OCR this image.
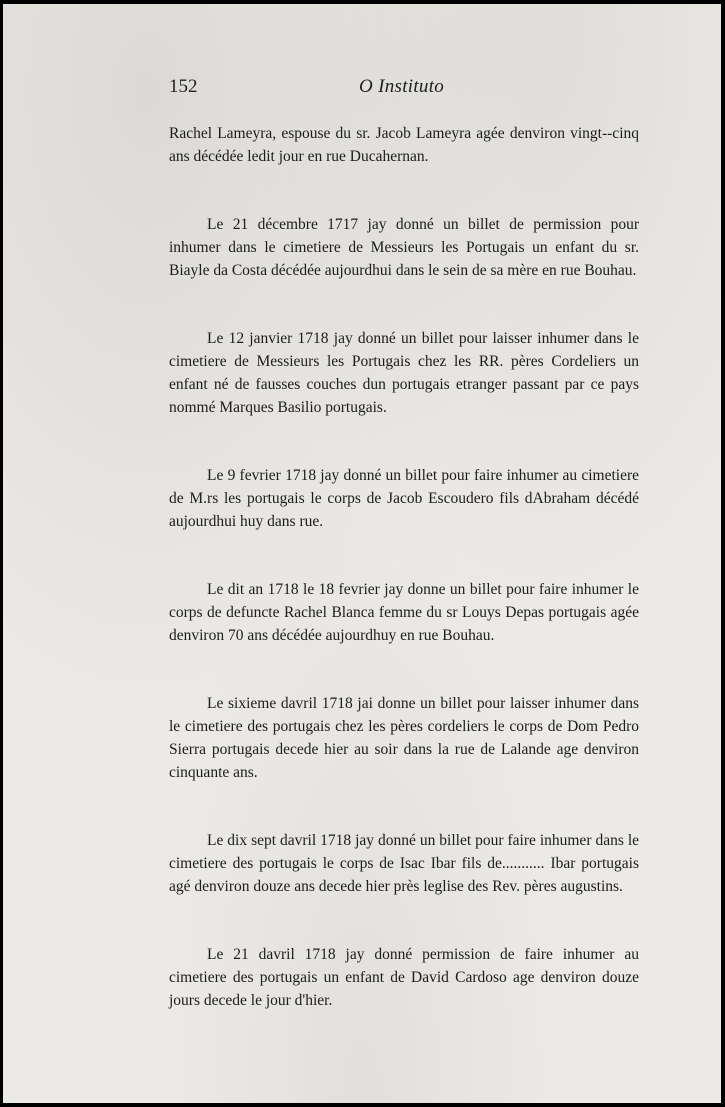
152	O Instituto

Rachel Lameyra, espouse du sr. Jacob Lameyra agée denviron vingt--cinq ans décédée ledit jour en rue Ducahernan.

Le 21 décembre 1717 jay donné un billet de permission pour inhumer dans le cimetiere de Messieurs les Portugais un enfant du sr. Biayle da Costa décédée aujourdhui dans le sein de sa mère en rue Bouhau.

Le 12 janvier 1718 jay donné un billet pour laisser inhumer dans le cimetiere de Messieurs les Portugais chez les RR. pères Cordeliers un enfant né de fausses couches dun portugais etranger passant par ce pays nommé Marques Basilio portugais.

Le 9 fevrier 1718 jay donné un billet pour faire inhumer au cimetiere de M.rs les portugais le corps de Jacob Escoudero fils dAbraham décédé aujourdhui huy dans rue.

Le dit an 1718 le 18 fevrier jay donne un billet pour faire inhumer le corps de defuncte Rachel Blanca femme du sr Louys Depas portugais agée denviron 70 ans décédée aujourdhuy en rue Bouhau.

Le sixieme davril 1718 jai donne un billet pour laisser inhumer dans le cimetiere des portugais chez les pères cordeliers le corps de Dom Pedro Sierra portugais decede hier au soir dans la rue de Lalande age denviron cinquante ans.

Le dix sept davril 1718 jay donné un billet pour faire inhumer dans le cimetiere des portugais le corps de Isac Ibar fils de........... Ibar portugais agé denviron douze ans decede hier près leglise des Rev. pères augustins.

Le 21 davril 1718 jay donné permission de faire inhumer au cimetiere des portugais un enfant de David Cardoso age denviron douze jours decede le jour d'hier.
